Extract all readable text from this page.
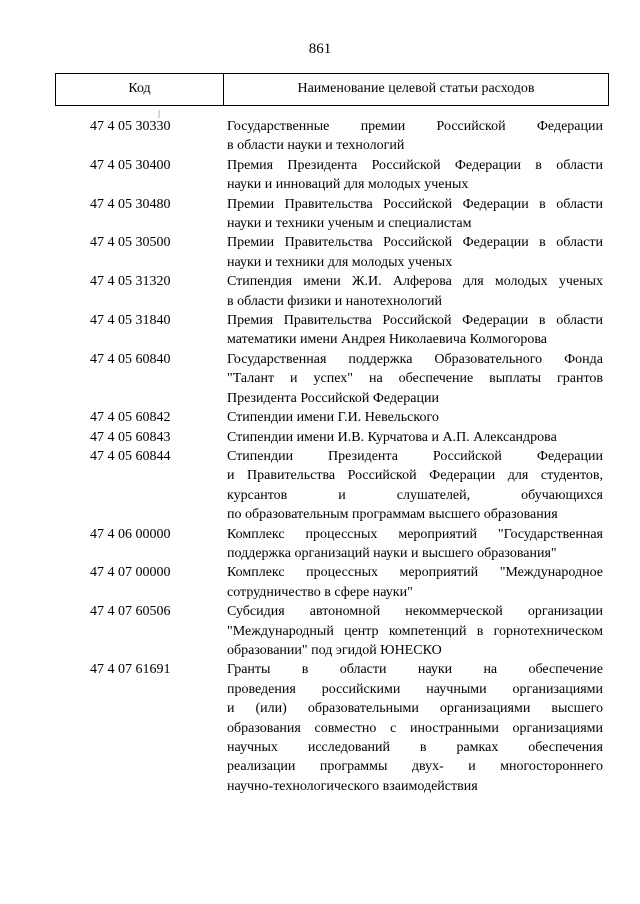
861
Код	Наименование целевой статьи расходов
47 4 05 30330	Государственные премии Российской Федерации
в области науки и технологий
47 4 05 30400	Премия Президента Российской Федерации в области
науки и инноваций для молодых ученых
47 4 05 30480	Премии Правительства Российской Федерации в области
науки и техники ученым и специалистам
47 4 05 30500	Премии Правительства Российской Федерации в области
науки и техники для молодых ученых
47 4 05 31320	Стипендия имени Ж.И. Алферова для молодых ученых
в области физики и нанотехнологий
47 4 05 31840	Премия Правительства Российской Федерации в области
математики имени Андрея Николаевича Колмогорова
47 4 05 60840	Государственная поддержка Образовательного Фонда
"Талант и успех" на обеспечение выплаты грантов
Президента Российской Федерации
47 4 05 60842	Стипендии имени Г.И. Невельского
47 4 05 60843	Стипендии имени И.В. Курчатова и А.П. Александрова
47 4 05 60844	Стипендии Президента Российской Федерации
и Правительства Российской Федерации для студентов,
курсантов и слушателей, обучающихся
по образовательным программам высшего образования
47 4 06 00000	Комплекс процессных мероприятий "Государственная
поддержка организаций науки и высшего образования"
47 4 07 00000	Комплекс процессных мероприятий "Международное
сотрудничество в сфере науки"
47 4 07 60506	Субсидия автономной некоммерческой организации
"Международный центр компетенций в горнотехническом
образовании" под эгидой ЮНЕСКО
47 4 07 61691	Гранты в области науки на обеспечение
проведения российскими научными организациями
и (или) образовательными организациями высшего
образования совместно с иностранными организациями
научных исследований в рамках обеспечения
реализации программы двух- и многостороннего
научно-технологического взаимодействия
